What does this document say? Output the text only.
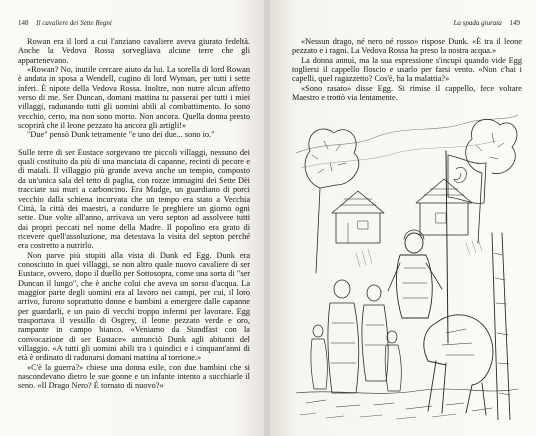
148 Il cavaliere dei Sette Regni

Rowan era il lord a cui l'anziano cavaliere aveva giurato fedeltà. Anche la Vedova Rossa sorvegliava alcune terre che gli appartenevano.

«Rowan? No, inutile cercare aiuto da lui. La sorella di lord Rowan è andata in sposa a Wendell, cugino di lord Wyman, per tutti i sette inferi. È nipote della Vedova Rossa. Inoltre, non nutre alcun affetto verso di me. Ser Duncan, domani mattina tu passerai per tutti i miei villaggi, radunando tutti gli uomini abili al combattimento. Io sono vecchio, certo, ma non sono morto. Non ancora. Quella donna presto scoprirà che il leone pezzato ha ancora gli artigli!»

"Due" pensò Dunk tetramente "e uno dei due... sono io."

Sulle terre di ser Eustace sorgevano tre piccoli villaggi, nessuno dei quali costituito da più di una manciata di capanne, recinti di pecore e di maiali. Il villaggio più grande aveva anche un tempio, composto da un'unica sala del tetto di paglia, con rozze immagini dei Sette Dèi tracciate sui muri a carboncino. Era Mudge, un guardiano di porci vecchio dalla schiena incurvata che un tempo era stato a Vecchia Città, la città dei maestri, a condurre le preghiere un giorno ogni sette. Due volte all'anno, arrivava un vero septon ad assolvere tutti dai propri peccati nel nome della Madre. Il popolino era grato di ricevere quell'assoluzione, ma detestava la visita del septon perché era costretto a nutrirlo.

Non parve più stupiti alla vista di Dunk ed Egg. Dunk era conosciuto in quei villaggi, se non altro quale nuovo cavaliere di ser Eustace, ovvero, dopo il duello per Sottosopra, come una sorta di "ser Duncan il lungo", che è anche colui che aveva un sorso d'acqua. La maggior parte degli uomini era al lavoro nei campi, per cui, il loro arrivo, furono soprattutto donne e bambini a emergere dalle capanne per guardarli, e un paio di vecchi troppo infermi per lavorare. Egg trasportava il vessillo di Osgrey, il leone pezzato verde e oro, rampante in campo bianco. «Veniamo da Standfast con la convocazione di ser Eustace» annunciò Dunk agli abitanti del villaggio. «A tutti gli uomini abili tra i quindici e i cinquant'anni di età è ordinato di radunarsi domani mattina al torrione.»

«C'è la guerra?» chiese una donna esile, con due bambini che si nascondevano dietro le sue gonne e un infante intento a succhiarle il seno. «Il Drago Nero? È tornato di nuovo?»

La spada giurata 149

«Nessun drago, né nero né rosso» rispose Dunk. «È tra il leone pezzato e i ragni. La Vedova Rossa ha preso la nostra acqua.»

La donna annuì, ma la sua espressione s'incupì quando vide Egg togliersi il cappello floscio e usarlo per farsi vento. «Non c'hai i capelli, quel ragazzetto? Cos'è, ha la malattia?»

«Sono rasato» disse Egg. Si rimise il cappello, fece voltare Maestro e trottò via lentamente.
